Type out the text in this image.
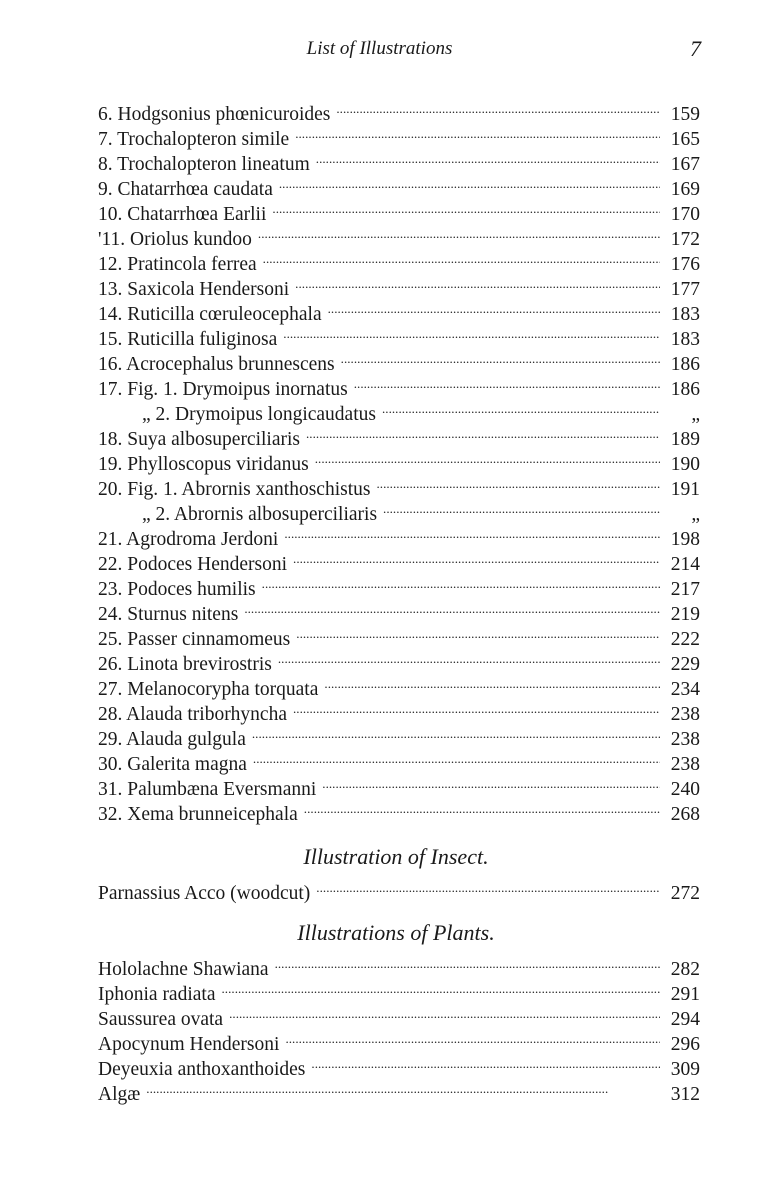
List of Illustrations	7
6. Hodgsonius phœnicuroides . . .	159
7. Trochalopteron simile . . .	165
8. Trochalopteron lineatum . . .	167
9. Chatarrhœa caudata . . .	169
10. Chatarrhœa Earlii . . .	170
'11. Oriolus kundoo . . .	172
12. Pratincola ferrea . . .	176
13. Saxicola Hendersoni . . .	177
14. Ruticilla cœruleocephala . . .	183
15. Ruticilla fuliginosa . . .	183
16. Acrocephalus brunnescens . . .	186
17. Fig. 1. Drymoipus inornatus . . .	186
„ 2. Drymoipus longicaudatus . . .	„
18. Suya albosuperciliaris . . .	189
19. Phylloscopus viridanus . . .	190
20. Fig. 1. Abrornis xanthoschistus . . .	191
„ 2. Abrornis albosuperciliaris . . .	„
21. Agrodroma Jerdoni . . .	198
22. Podoces Hendersoni . . .	214
23. Podoces humilis . . .	217
24. Sturnus nitens . . .	219
25. Passer cinnamomeus . . .	222
26. Linota brevirostris . . .	229
27. Melanocorypha torquata . . .	234
28. Alauda triborhyncha . . .	238
29. Alauda gulgula . . .	238
30. Galerita magna . . .	238
31. Palumbæna Eversmanni . . .	240
32. Xema brunneicephala . . .	268
Illustration of Insect.
Parnassius Acco (woodcut) . . .	272
Illustrations of Plants.
Hololachne Shawiana . . .	282
Iphonia radiata . . .	291
Saussurea ovata . . .	294
Apocynum Hendersoni . . .	296
Deyeuxia anthoxanthoides . . .	309
Algæ . . .	312
